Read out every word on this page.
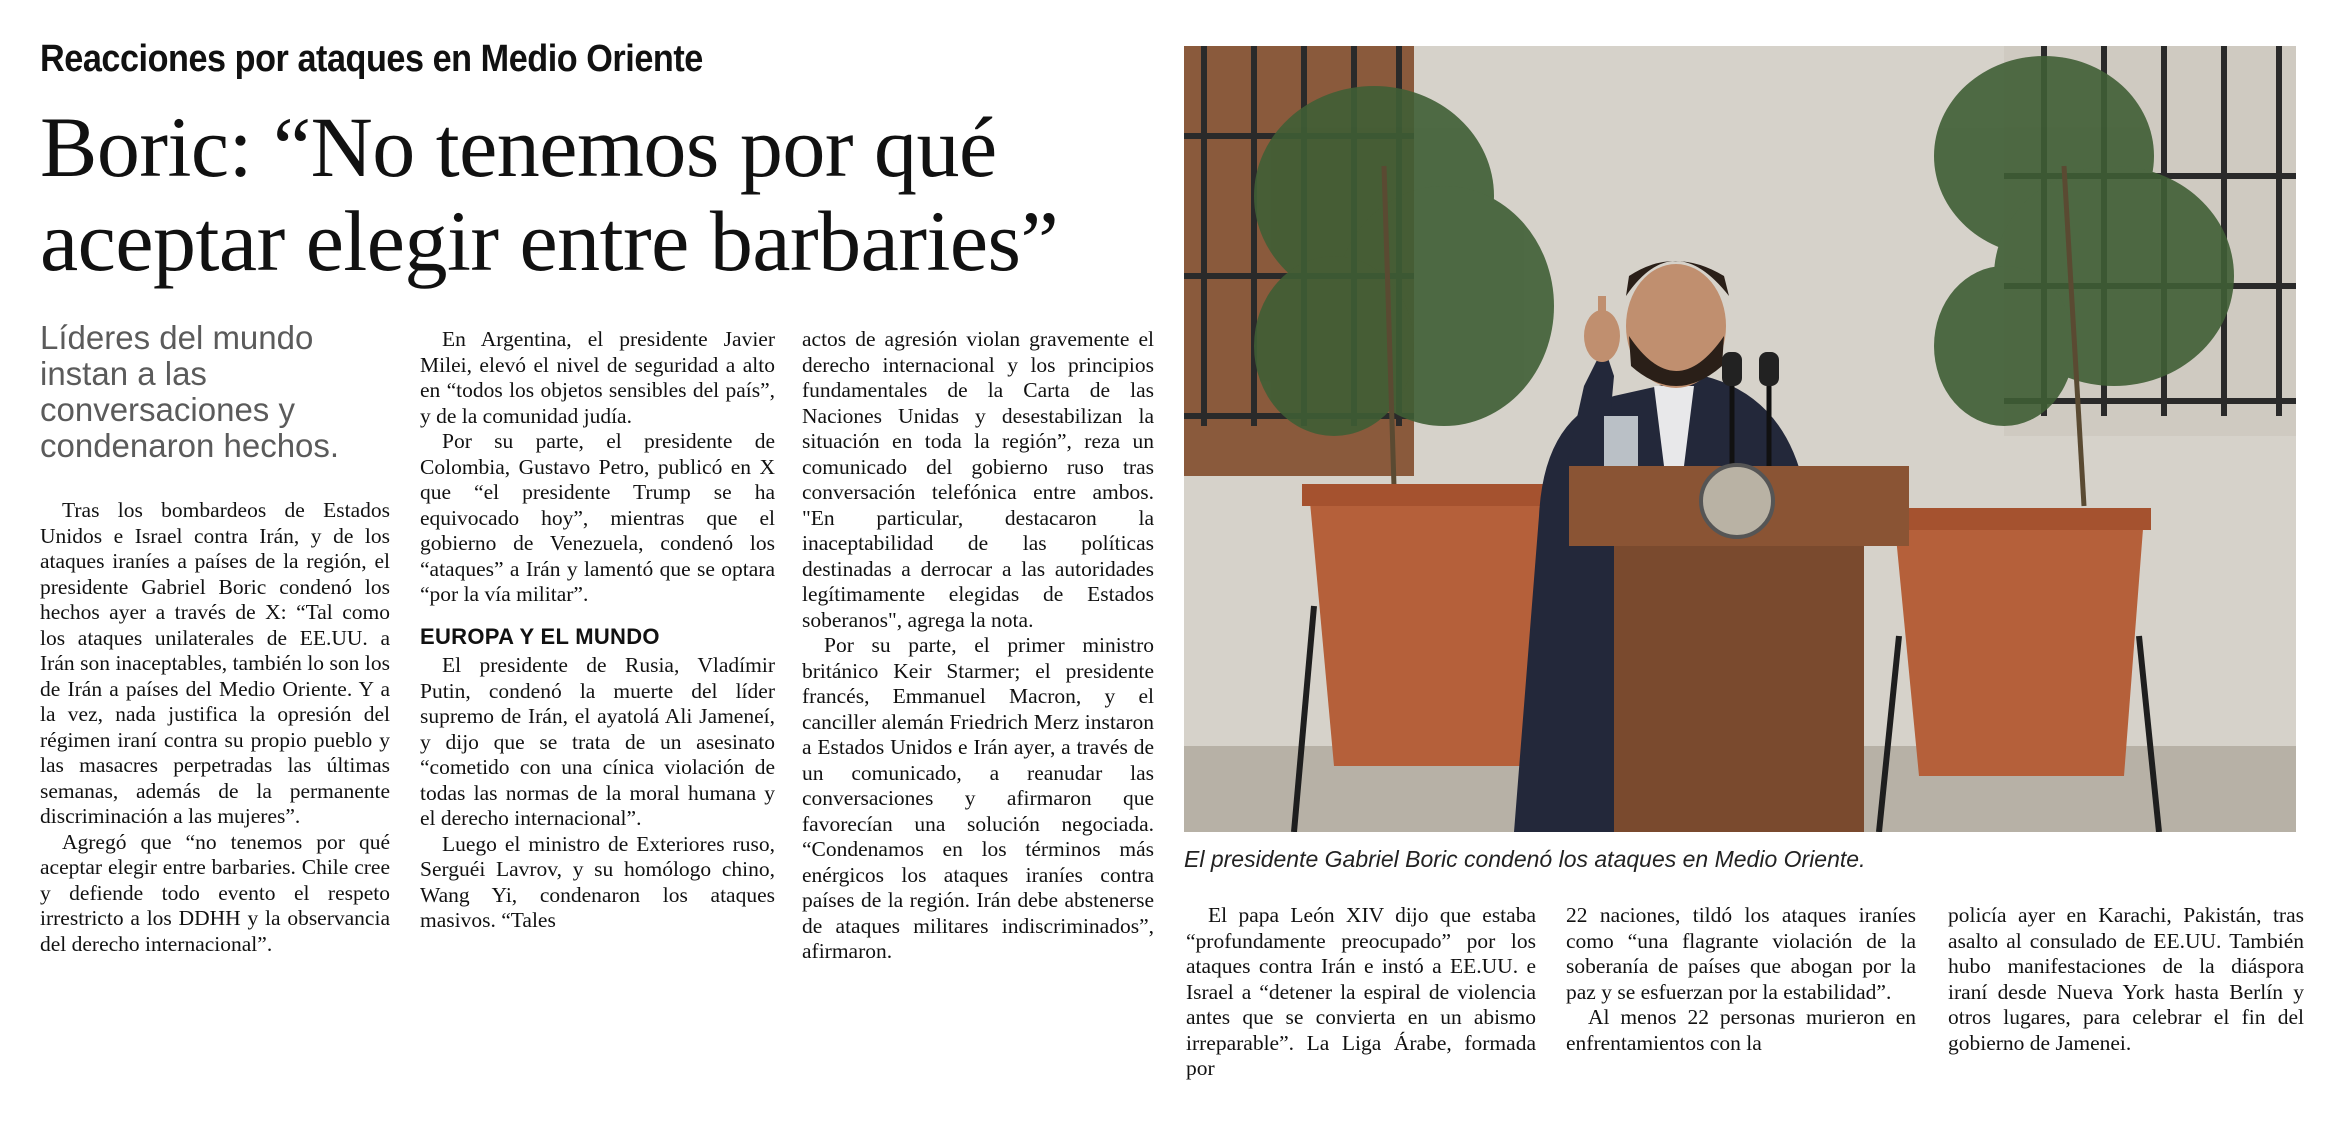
Reacciones por ataques en Medio Oriente
Boric: “No tenemos por qué
aceptar elegir entre barbaries”
Líderes del mundo instan a las conversaciones y condenaron hechos.

Tras los bombardeos de Estados Unidos e Israel contra Irán, y de los ataques iraníes a países de la región, el presidente Gabriel Boric condenó los hechos ayer a través de X: “Tal como los ataques unilaterales de EE.UU. a Irán son inaceptables, también lo son los de Irán a países del Medio Oriente. Y a la vez, nada justifica la opresión del régimen iraní contra su propio pueblo y las masacres perpetradas las últimas semanas, además de la permanente discriminación a las mujeres”.

Agregó que “no tenemos por qué aceptar elegir entre barbaries. Chile cree y defiende todo evento el respeto irrestricto a los DDHH y la observancia del derecho internacional”.

En Argentina, el presidente Javier Milei, elevó el nivel de seguridad a alto en “todos los objetos sensibles del país”, y de la comunidad judía.

Por su parte, el presidente de Colombia, Gustavo Petro, publicó en X que “el presidente Trump se ha equivocado hoy”, mientras que el gobierno de Venezuela, condenó los “ataques” a Irán y lamentó que se optara “por la vía militar”.

EUROPA Y EL MUNDO

El presidente de Rusia, Vladímir Putin, condenó la muerte del líder supremo de Irán, el ayatolá Ali Jameneí, y dijo que se trata de un asesinato “cometido con una cínica violación de todas las normas de la moral humana y el derecho internacional”.

Luego el ministro de Exteriores ruso, Serguéi Lavrov, y su homólogo chino, Wang Yi, condenaron los ataques masivos. “Tales

actos de agresión violan gravemente el derecho internacional y los principios fundamentales de la Carta de las Naciones Unidas y desestabilizan la situación en toda la región”, reza un comunicado del gobierno ruso tras conversación telefónica entre ambos. "En particular, destacaron la inaceptabilidad de las políticas destinadas a derrocar a las autoridades legítimamente elegidas de Estados soberanos", agrega la nota.

Por su parte, el primer ministro británico Keir Starmer; el presidente francés, Emmanuel Macron, y el canciller alemán Friedrich Merz instaron a Estados Unidos e Irán ayer, a través de un comunicado, a reanudar las conversaciones y afirmaron que favorecían una solución negociada. “Condenamos en los términos más enérgicos los ataques iraníes contra países de la región. Irán debe abstenerse de ataques militares indiscriminados”, afirmaron.

El presidente Gabriel Boric condenó los ataques en Medio Oriente.

El papa León XIV dijo que estaba “profundamente preocupado” por los ataques contra Irán e instó a EE.UU. e Israel a “detener la espiral de violencia antes que se convierta en un abismo irreparable”. La Liga Árabe, formada por

22 naciones, tildó los ataques iraníes como “una flagrante violación de la soberanía de países que abogan por la paz y se esfuerzan por la estabilidad”.

Al menos 22 personas murieron en enfrentamientos con la

policía ayer en Karachi, Pakistán, tras asalto al consulado de EE.UU. También hubo manifestaciones de la diáspora iraní desde Nueva York hasta Berlín y otros lugares, para celebrar el fin del gobierno de Jamenei.
